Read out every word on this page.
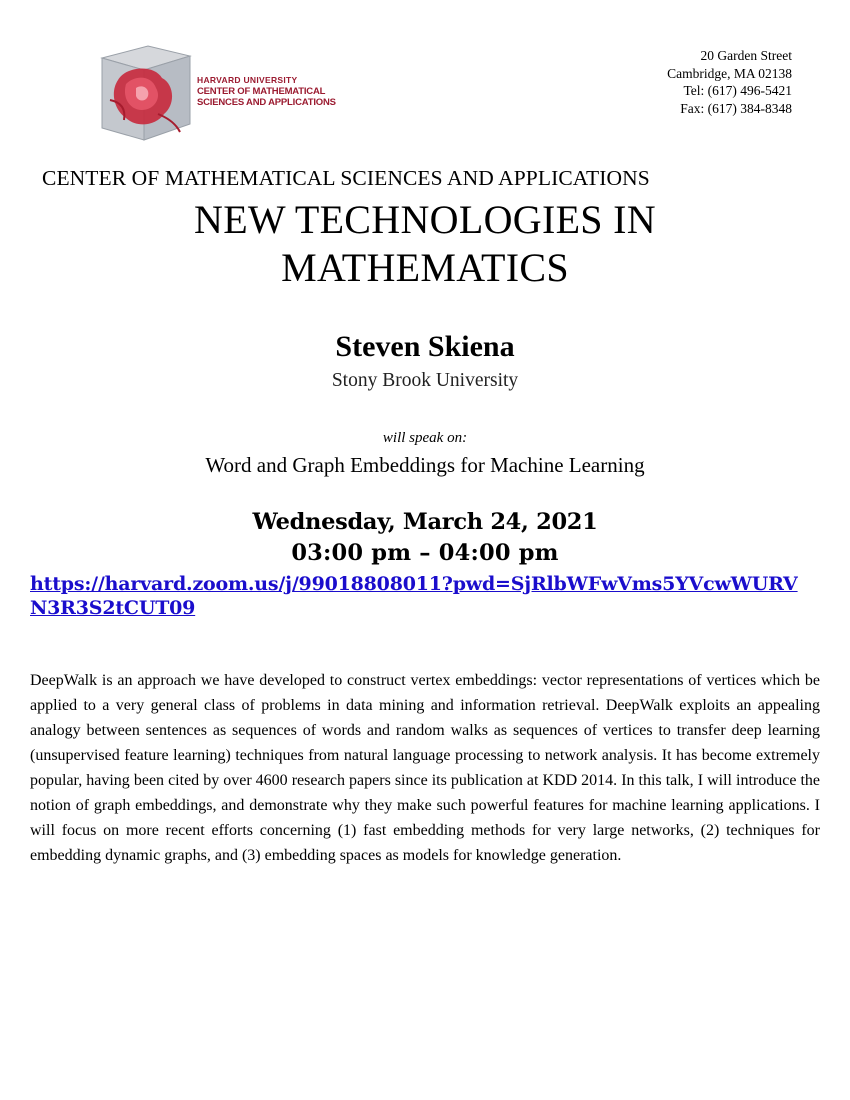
HARVARD UNIVERSITY
CENTER OF MATHEMATICAL
SCIENCES AND APPLICATIONS
20 Garden Street
Cambridge, MA 02138
Tel: (617) 496-5421
Fax: (617) 384-8348
CENTER OF MATHEMATICAL SCIENCES AND APPLICATIONS
NEW TECHNOLOGIES IN
MATHEMATICS
Steven Skiena
Stony Brook University
will speak on:
Word and Graph Embeddings for Machine Learning
Wednesday, March 24, 2021
03:00 pm – 04:00 pm
https://harvard.zoom.us/j/99018808011?pwd=SjRlbWFwVms5YVcwWURVN3R3S2tCUT09
DeepWalk is an approach we have developed to construct vertex embeddings: vector representations of vertices which be applied to a very general class of problems in data mining and information retrieval. DeepWalk exploits an appealing analogy between sentences as sequences of words and random walks as sequences of vertices to transfer deep learning (unsupervised feature learning) techniques from natural language processing to network analysis. It has become extremely popular, having been cited by over 4600 research papers since its publication at KDD 2014. In this talk, I will introduce the notion of graph embeddings, and demonstrate why they make such powerful features for machine learning applications. I will focus on more recent efforts concerning (1) fast embedding methods for very large networks, (2) techniques for embedding dynamic graphs, and (3) embedding spaces as models for knowledge generation.
